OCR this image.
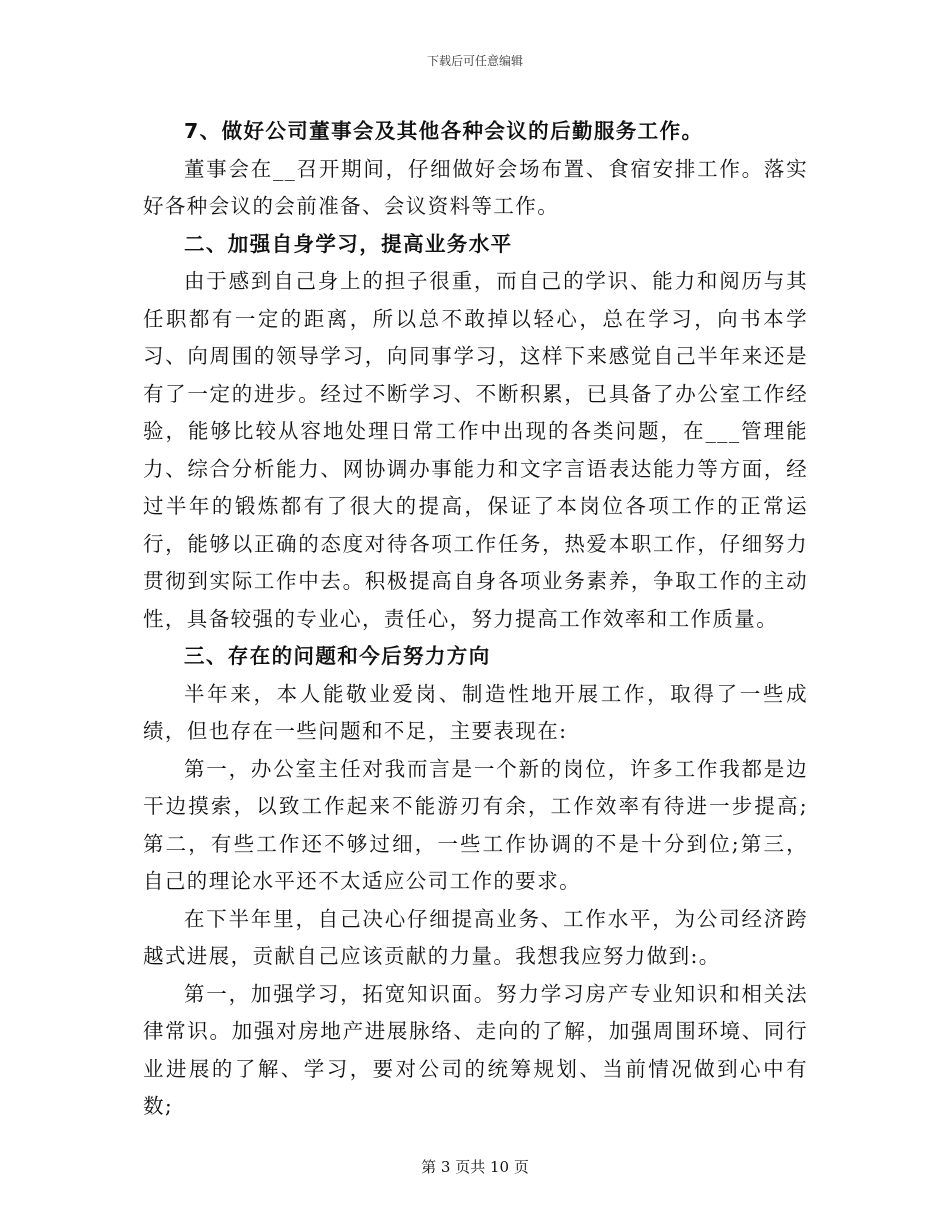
下载后可任意编辑

7、做好公司董事会及其他各种会议的后勤服务工作。

董事会在__召开期间，仔细做好会场布置、食宿安排工作。落实好各种会议的会前准备、会议资料等工作。

二、加强自身学习，提高业务水平

由于感到自己身上的担子很重，而自己的学识、能力和阅历与其任职都有一定的距离，所以总不敢掉以轻心，总在学习，向书本学习、向周围的领导学习，向同事学习，这样下来感觉自己半年来还是有了一定的进步。经过不断学习、不断积累，已具备了办公室工作经验，能够比较从容地处理日常工作中出现的各类问题，在___管理能力、综合分析能力、网协调办事能力和文字言语表达能力等方面，经过半年的锻炼都有了很大的提高，保证了本岗位各项工作的正常运行，能够以正确的态度对待各项工作任务，热爱本职工作，仔细努力贯彻到实际工作中去。积极提高自身各项业务素养，争取工作的主动性，具备较强的专业心，责任心，努力提高工作效率和工作质量。

三、存在的问题和今后努力方向

半年来，本人能敬业爱岗、制造性地开展工作，取得了一些成绩，但也存在一些问题和不足，主要表现在:

第一，办公室主任对我而言是一个新的岗位，许多工作我都是边干边摸索，以致工作起来不能游刃有余，工作效率有待进一步提高;第二，有些工作还不够过细，一些工作协调的不是十分到位;第三，自己的理论水平还不太适应公司工作的要求。

在下半年里，自己决心仔细提高业务、工作水平，为公司经济跨越式进展，贡献自己应该贡献的力量。我想我应努力做到:。

第一，加强学习，拓宽知识面。努力学习房产专业知识和相关法律常识。加强对房地产进展脉络、走向的了解，加强周围环境、同行业进展的了解、学习，要对公司的统筹规划、当前情况做到心中有数;

第 3 页共 10 页
